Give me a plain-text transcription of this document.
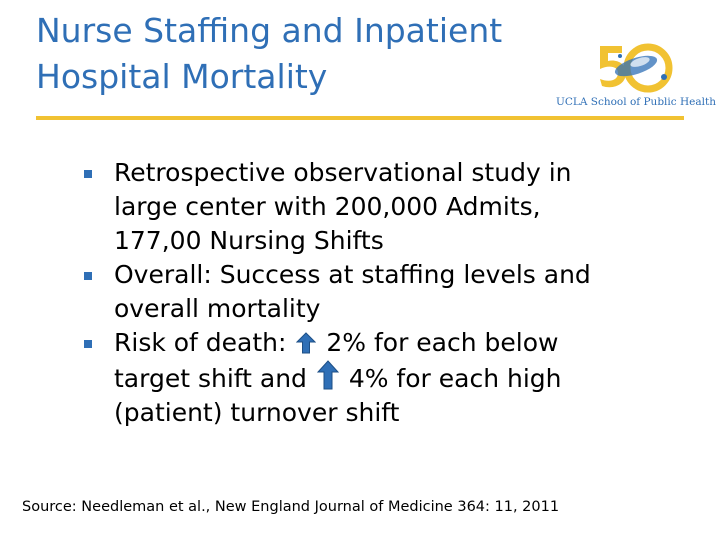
Nurse Staffing and Inpatient
Hospital Mortality
UCLA School of Public Health
Retrospective observational study in
large center with 200,000 Admits,
177,00 Nursing Shifts
Overall: Success at staffing levels and
overall mortality
Risk of death: 2% for each below
target shift and 4% for each high
(patient) turnover shift
Source: Needleman et al., New England Journal of Medicine 364: 11, 2011
